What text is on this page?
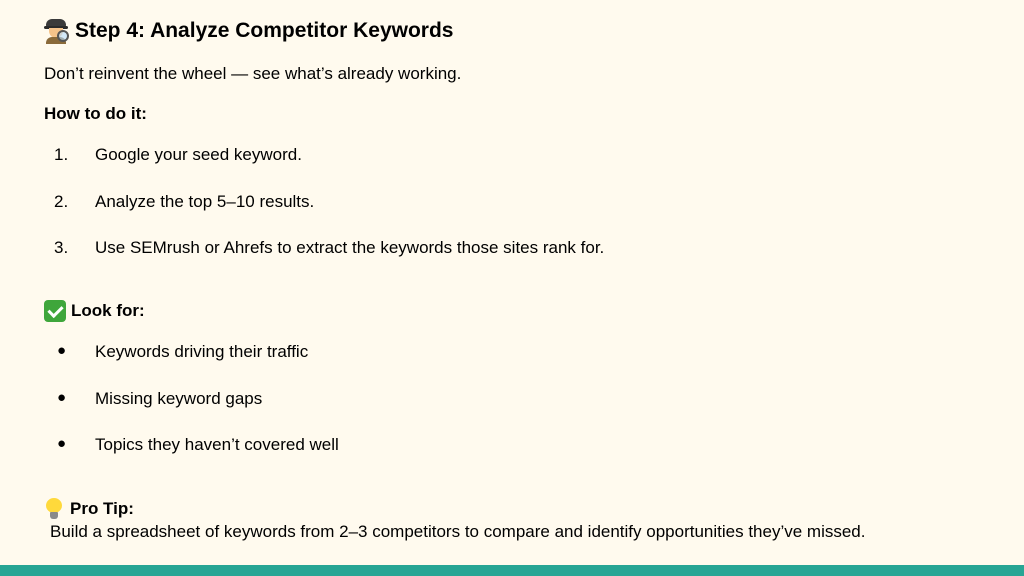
Step 4: Analyze Competitor Keywords
Don’t reinvent the wheel — see what’s already working.
How to do it:
1. Google your seed keyword.
2. Analyze the top 5–10 results.
3. Use SEMrush or Ahrefs to extract the keywords those sites rank for.
Look for:
● Keywords driving their traffic
● Missing keyword gaps
● Topics they haven’t covered well
Pro Tip:
Build a spreadsheet of keywords from 2–3 competitors to compare and identify opportunities they’ve missed.
